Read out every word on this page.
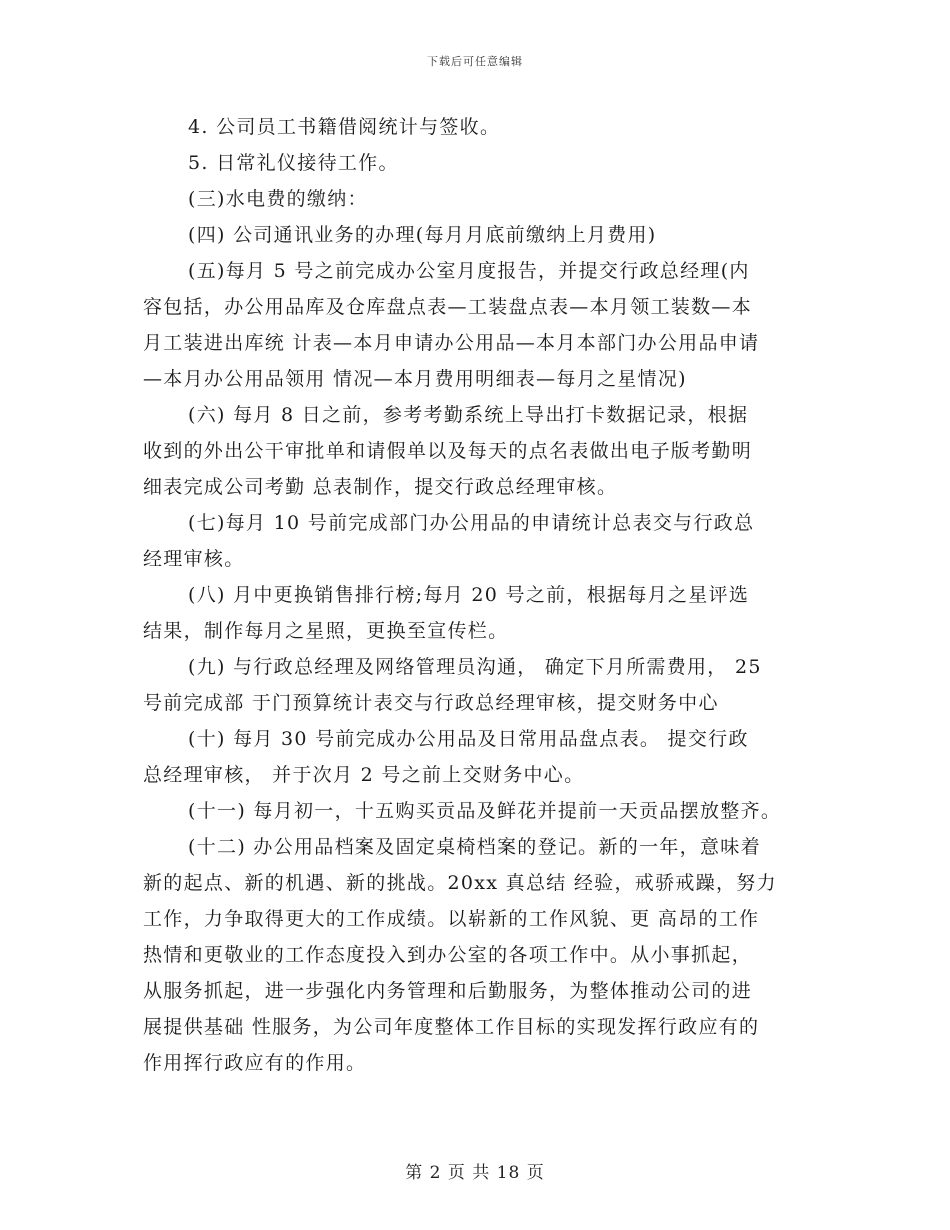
下载后可任意编辑
4. 公司员工书籍借阅统计与签收。
5. 日常礼仪接待工作。
(三)水电费的缴纳：
(四) 公司通讯业务的办理(每月月底前缴纳上月费用)
(五)每月 5 号之前完成办公室月度报告，并提交行政总经理(内
容包括，办公用品库及仓库盘点表—工装盘点表—本月领工装数—本
月工装进出库统 计表—本月申请办公用品—本月本部门办公用品申请
—本月办公用品领用 情况—本月费用明细表—每月之星情况)
(六) 每月 8 日之前，参考考勤系统上导出打卡数据记录，根据
收到的外出公干审批单和请假单以及每天的点名表做出电子版考勤明
细表完成公司考勤 总表制作，提交行政总经理审核。
(七)每月 10 号前完成部门办公用品的申请统计总表交与行政总
经理审核。
(八) 月中更换销售排行榜;每月 20 号之前，根据每月之星评选
结果，制作每月之星照，更换至宣传栏。
(九) 与行政总经理及网络管理员沟通， 确定下月所需费用， 25
号前完成部 于门预算统计表交与行政总经理审核，提交财务中心
(十) 每月 30 号前完成办公用品及日常用品盘点表。 提交行政
总经理审核， 并于次月 2 号之前上交财务中心。
(十一) 每月初一，十五购买贡品及鲜花并提前一天贡品摆放整齐。
(十二) 办公用品档案及固定桌椅档案的登记。新的一年，意味着
新的起点、新的机遇、新的挑战。20xx 真总结 经验，戒骄戒躁，努力
工作，力争取得更大的工作成绩。以崭新的工作风貌、更 高昂的工作
热情和更敬业的工作态度投入到办公室的各项工作中。从小事抓起，
从服务抓起，进一步强化内务管理和后勤服务，为整体推动公司的进
展提供基础 性服务，为公司年度整体工作目标的实现发挥行政应有的
作用挥行政应有的作用。
第 2 页 共 18 页
